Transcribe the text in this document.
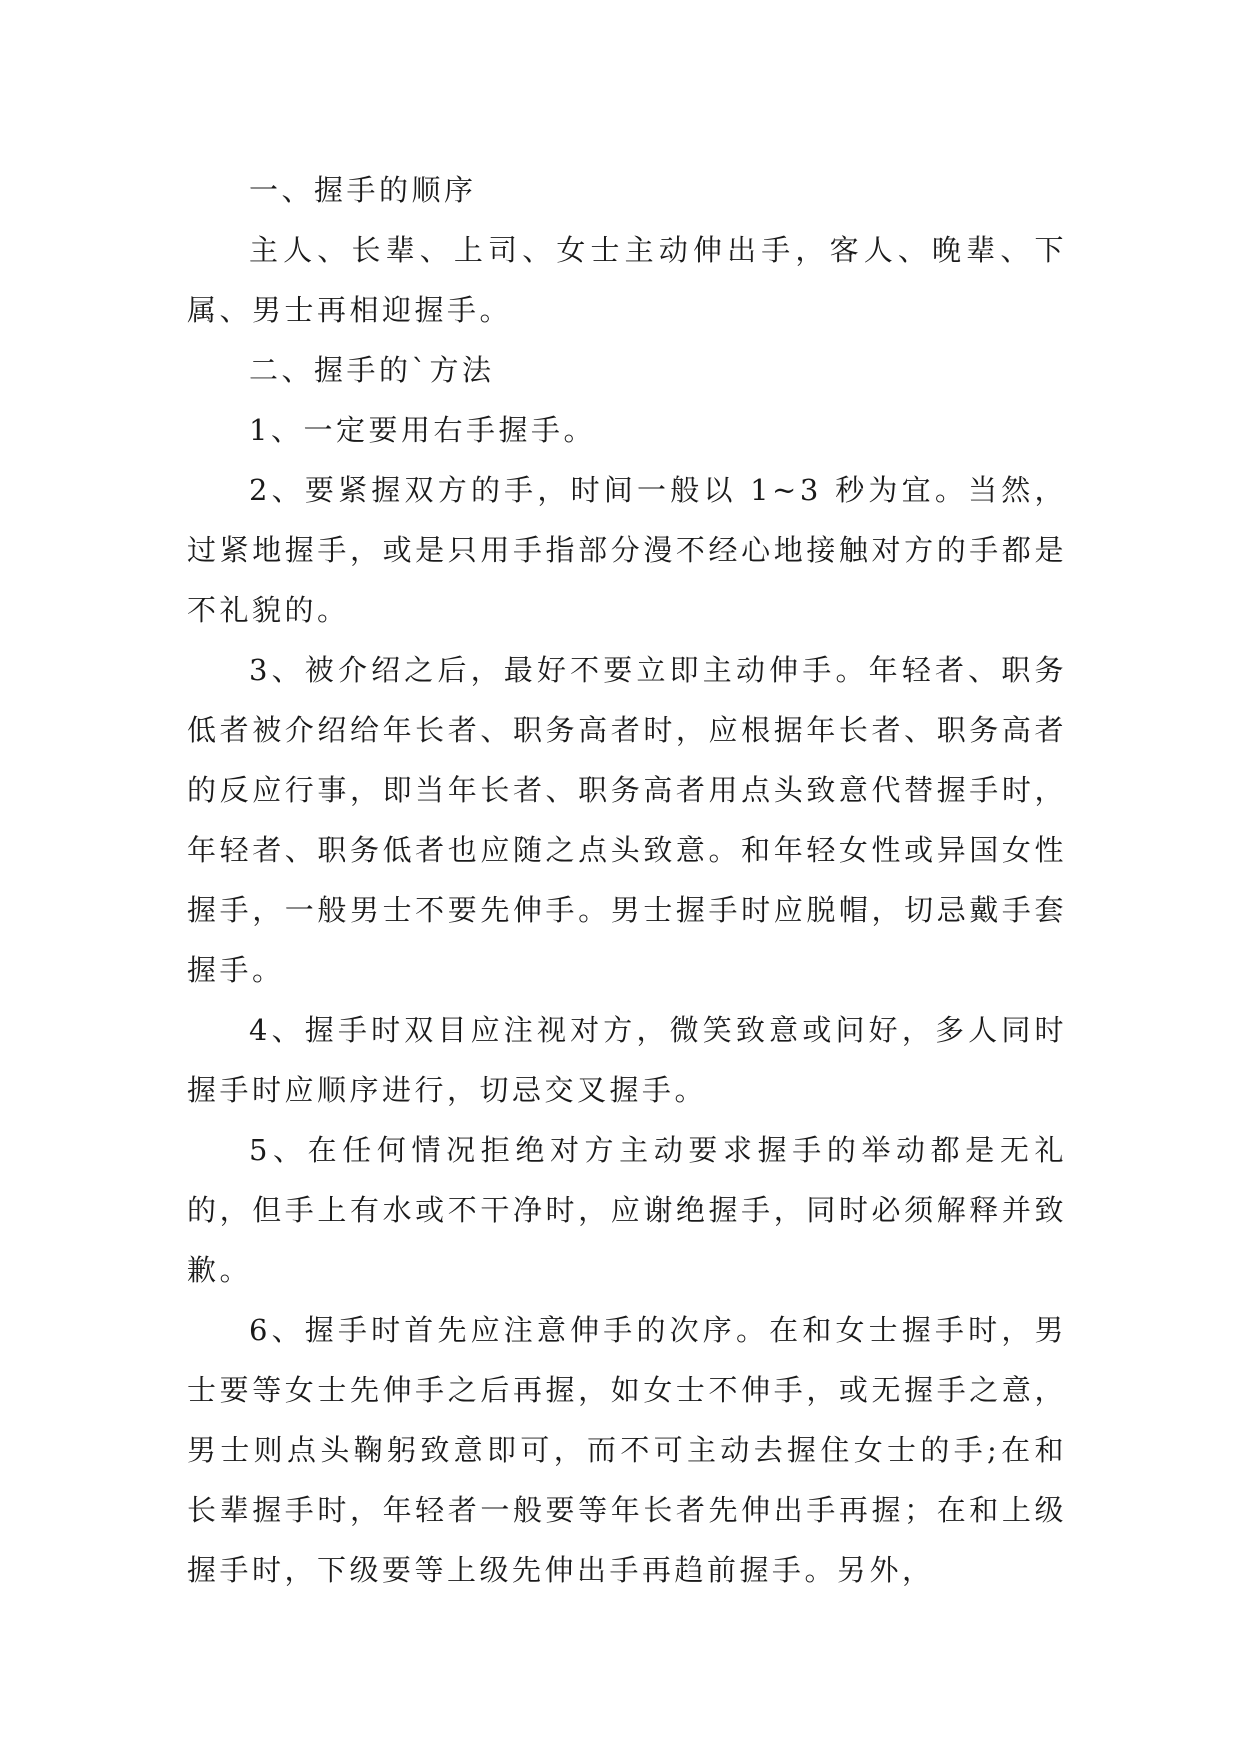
一、握手的顺序

主人、长辈、上司、女士主动伸出手，客人、晚辈、下属、男士再相迎握手。

二、握手的`方法

1、一定要用右手握手。

2、要紧握双方的手，时间一般以 1~3 秒为宜。当然，过紧地握手，或是只用手指部分漫不经心地接触对方的手都是不礼貌的。

3、被介绍之后，最好不要立即主动伸手。年轻者、职务低者被介绍给年长者、职务高者时，应根据年长者、职务高者的反应行事，即当年长者、职务高者用点头致意代替握手时，年轻者、职务低者也应随之点头致意。和年轻女性或异国女性握手，一般男士不要先伸手。男士握手时应脱帽，切忌戴手套握手。

4、握手时双目应注视对方，微笑致意或问好，多人同时握手时应顺序进行，切忌交叉握手。

5、在任何情况拒绝对方主动要求握手的举动都是无礼的，但手上有水或不干净时，应谢绝握手，同时必须解释并致歉。

6、握手时首先应注意伸手的次序。在和女士握手时，男士要等女士先伸手之后再握，如女士不伸手，或无握手之意，男士则点头鞠躬致意即可，而不可主动去握住女士的手;在和长辈握手时，年轻者一般要等年长者先伸出手再握；在和上级握手时，下级要等上级先伸出手再趋前握手。另外，
